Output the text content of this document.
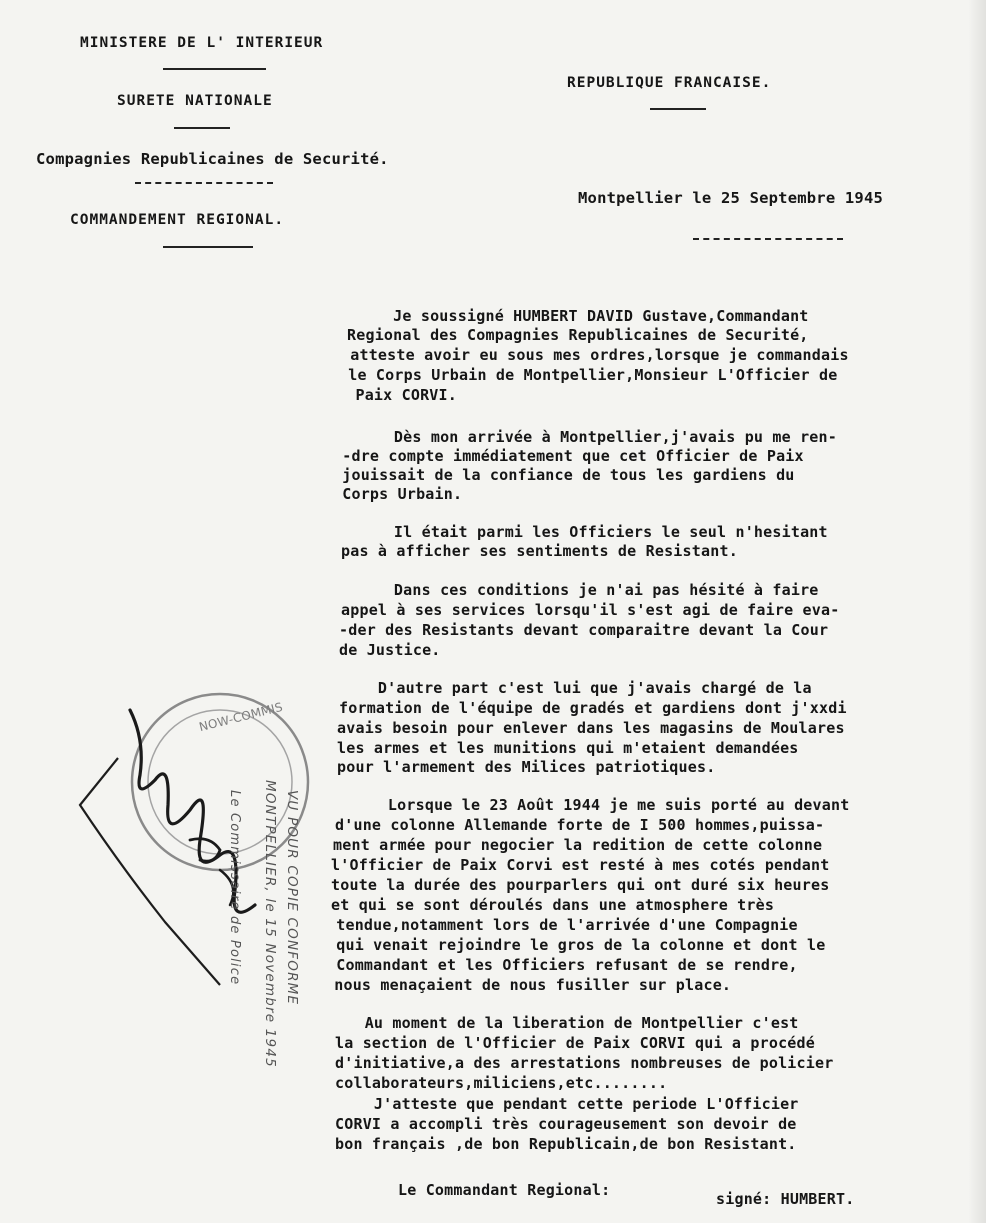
MINISTERE DE L' INTERIEUR
SURETE NATIONALE
Compagnies Republicaines de Securité.
COMMANDEMENT REGIONAL.
REPUBLIQUE FRANCAISE.
Montpellier le 25 Septembre 1945
Je soussigné HUMBERT DAVID Gustave,Commandant
Regional des Compagnies Republicaines de Securité,
atteste avoir eu sous mes ordres,lorsque je commandais
le Corps Urbain de Montpellier,Monsieur L'Officier de
Paix CORVI.
Dès mon arrivée à Montpellier,j'avais pu me ren-
-dre compte immédiatement que cet Officier de Paix
jouissait de la confiance de tous les gardiens du
Corps Urbain.
Il était parmi les Officiers le seul n'hesitant
pas à afficher ses sentiments de Resistant.
Dans ces conditions je n'ai pas hésité à faire
appel à ses services lorsqu'il s'est agi de faire eva-
-der des Resistants devant comparaitre devant la Cour
de Justice.
D'autre part c'est lui que j'avais chargé de la
formation de l'équipe de gradés et gardiens dont j'xxdi
avais besoin pour enlever dans les magasins de Moulares
les armes et les munitions qui m'etaient demandées
pour l'armement des Milices patriotiques.
Lorsque le 23 Août 1944 je me suis porté au devant
d'une colonne Allemande forte de I 500 hommes,puissa-
ment armée pour negocier la redition de cette colonne
l'Officier de Paix Corvi est resté à mes cotés pendant
toute la durée des pourparlers qui ont duré six heures
et qui se sont déroulés dans une atmosphere très
tendue,notamment lors de l'arrivée d'une Compagnie
qui venait rejoindre le gros de la colonne et dont le
Commandant et les Officiers refusant de se rendre,
nous menaçaient de nous fusiller sur place.
Au moment de la liberation de Montpellier c'est
la section de l'Officier de Paix CORVI qui a procédé
d'initiative,a des arrestations nombreuses de policier
collaborateurs,miliciens,etc........
J'atteste que pendant cette periode L'Officier
CORVI a accompli très courageusement son devoir de
bon français ,de bon Republicain,de bon Resistant.
Le Commandant Regional:	signé: HUMBERT.
NOW-COMMIS
VU POUR COPIE CONFORME
MONTPELLIER, le 15 Novembre 1945
Le Commissaire de Police
